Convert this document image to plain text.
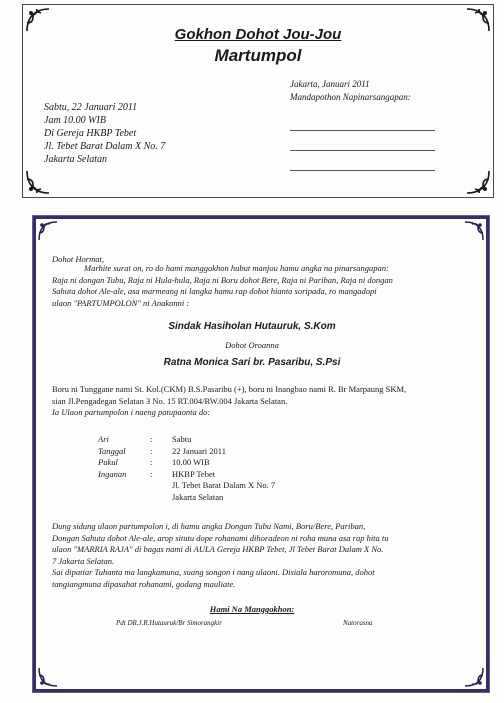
Gokhon Dohot Jou-Jou
Martumpol
Jakarta, Januari 2011
Mandapothon Napinarsangapan:
Sabtu, 22 Januari 2011
Jam 10.00 WIB
Di Gereja HKBP Tebet
Jl. Tebet Barat Dalam X No. 7
Jakarta Selatan
Dohot Hormat,
Marhite surat on, ro do hami manggokhon hubut manjou hamu angka na pinarsangapan:
Raja ni dongan Tubu, Raja ni Hula-hula, Raja ni Boru dohot Bere, Raja ni Pariban, Raja ni dongan
Sahuta dohot Ale-ale, asa marmeang ni langka hamu rap dohot hianta soripada, ro mangadopi
ulaon "PARTUMPOLON" ni Anakonni :
Sindak Hasiholan Hutauruk, S.Kom
Dohot Oroanna
Ratna Monica Sari br. Pasaribu, S.Psi
Boru ni Tunggane nami St. Kol.(CKM) B.S.Pasaribu (+), boru ni Inangbao nami R. Br Marpaung SKM,
sian Jl.Pengadegan Selatan 3 No. 15 RT.004/RW.004 Jakarta Selatan.
Ia Ulaon partumpolon i naeng patupaonta do:
Ari	:	Sabtu
Tanggal	:	22 Januari 2011
Pukul	:	10.00 WIB
Inganan	:	HKBP Tebet
Jl. Tebet Barat Dalam X No. 7
Jakarta Selatan
Dung sidung ulaon partumpolon i, di hamu angka Dongan Tubu Nami, Boru/Bere, Pariban,
Dongan Sahuta dohot Ale-ale, arop situtu dope rohanami dihoradeon ni roha muna asa rap hita tu
ulaon "MARRIA RAJA" di bagas nami di AULA Gereja HKBP Tebet, Jl Tebet Barat Dalam X No.
7 Jakarta Selatan.
Sai dipatiar Tuhanta ma langkamuna, suang songon i nang ulaoni. Disiala haroromuna, dohot
tangiangmuna dipasahat rohanami, godang mauliate.
Hami Na Manggokhon:
Pdt DR.J.R.Hutauruk/Br Simorangkir	Natorasna
